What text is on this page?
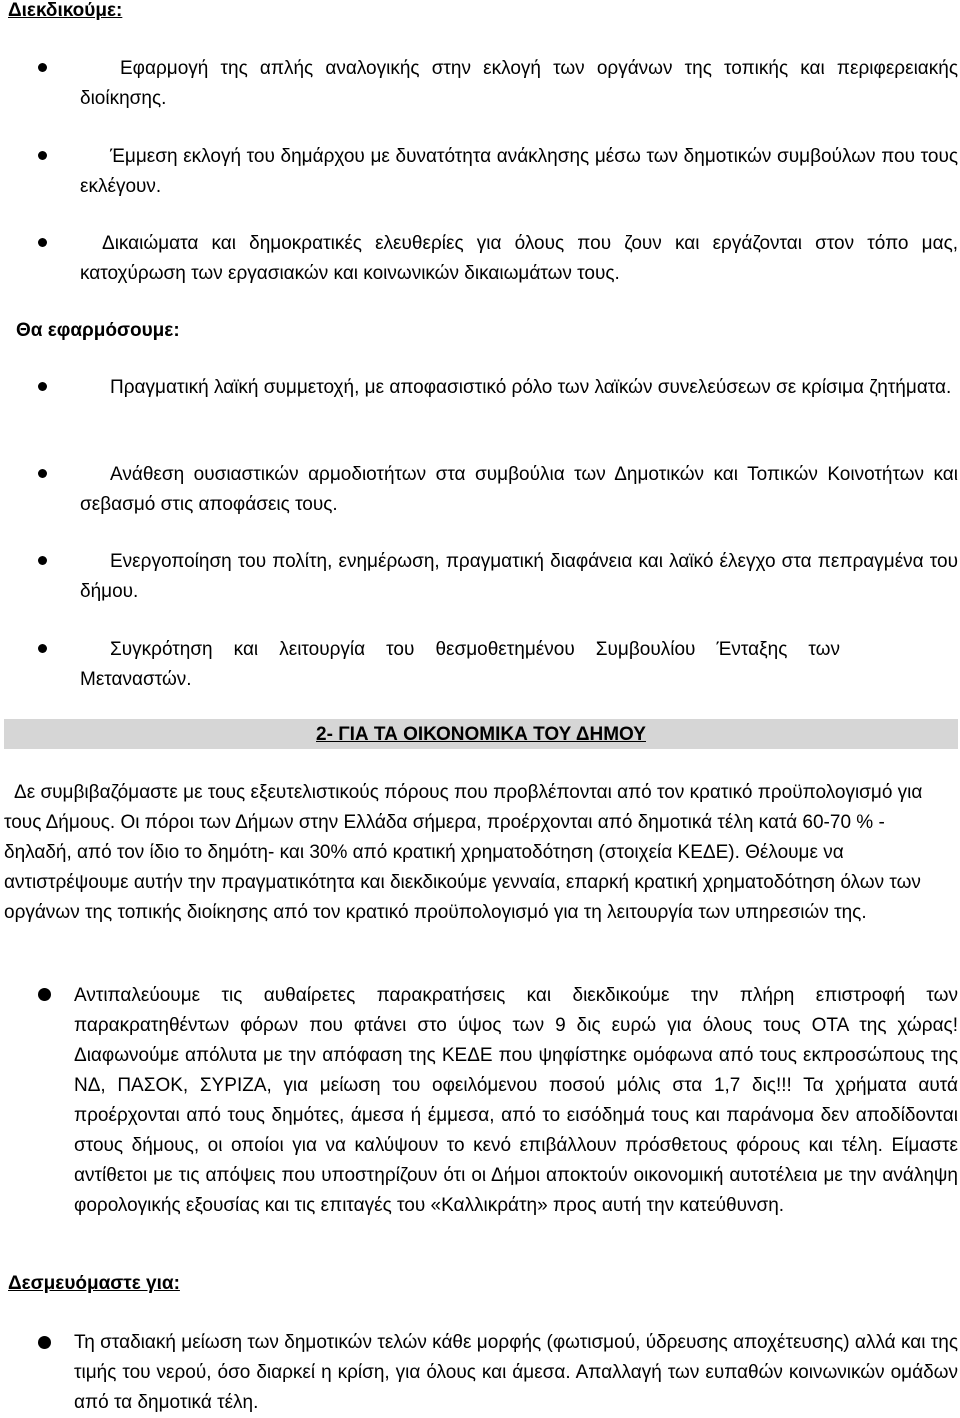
Διεκδικούμε:
Εφαρμογή της απλής αναλογικής στην εκλογή των οργάνων της τοπικής και περιφερειακής διοίκησης.
Έμμεση εκλογή του δημάρχου με δυνατότητα ανάκλησης μέσω των δημοτικών συμβούλων που τους εκλέγουν.
Δικαιώματα και δημοκρατικές ελευθερίες για όλους που ζουν και εργάζονται στον τόπο μας, κατοχύρωση των εργασιακών και κοινωνικών δικαιωμάτων τους.
Θα εφαρμόσουμε:
Πραγματική λαϊκή συμμετοχή, με αποφασιστικό ρόλο των λαϊκών συνελεύσεων σε κρίσιμα ζητήματα.
Ανάθεση ουσιαστικών αρμοδιοτήτων στα συμβούλια των Δημοτικών και Τοπικών Κοινοτήτων και σεβασμό στις αποφάσεις τους.
Ενεργοποίηση του πολίτη, ενημέρωση, πραγματική διαφάνεια και λαϊκό έλεγχο στα πεπραγμένα του δήμου.
Συγκρότηση και λειτουργία του θεσμοθετημένου Συμβουλίου Ένταξης των Μεταναστών.
2- ΓΙΑ ΤΑ ΟΙΚΟΝΟΜΙΚΑ ΤΟΥ ΔΗΜΟΥ
Δε συμβιβαζόμαστε με τους εξευτελιστικούς πόρους που προβλέπονται από τον κρατικό προϋπολογισμό για τους Δήμους. Οι πόροι των Δήμων στην Ελλάδα σήμερα, προέρχονται από δημοτικά τέλη κατά 60-70 % - δηλαδή, από τον ίδιο το δημότη- και 30% από κρατική χρηματοδότηση (στοιχεία ΚΕΔΕ). Θέλουμε να αντιστρέψουμε αυτήν την πραγματικότητα και διεκδικούμε γενναία, επαρκή κρατική χρηματοδότηση όλων των οργάνων της τοπικής διοίκησης από τον κρατικό προϋπολογισμό για τη λειτουργία των υπηρεσιών της.
Αντιπαλεύουμε τις αυθαίρετες παρακρατήσεις και διεκδικούμε την πλήρη επιστροφή των παρακρατηθέντων φόρων που φτάνει στο ύψος των 9 δις ευρώ για όλους τους ΟΤΑ της χώρας! Διαφωνούμε απόλυτα με την απόφαση της ΚΕΔΕ που ψηφίστηκε ομόφωνα από τους εκπροσώπους της ΝΔ, ΠΑΣΟΚ, ΣΥΡΙΖΑ, για μείωση του οφειλόμενου ποσού μόλις στα 1,7 δις!!! Τα χρήματα αυτά προέρχονται από τους δημότες, άμεσα ή έμμεσα, από το εισόδημά τους και παράνομα δεν αποδίδονται στους δήμους, οι οποίοι για να καλύψουν το κενό επιβάλλουν πρόσθετους φόρους και τέλη. Είμαστε αντίθετοι με τις απόψεις που υποστηρίζουν ότι οι Δήμοι αποκτούν οικονομική αυτοτέλεια με την ανάληψη φορολογικής εξουσίας και τις επιταγές του «Καλλικράτη» προς αυτή την κατεύθυνση.
Δεσμευόμαστε για:
Τη σταδιακή μείωση των δημοτικών τελών κάθε μορφής (φωτισμού, ύδρευσης αποχέτευσης) αλλά και της τιμής του νερού, όσο διαρκεί η κρίση, για όλους και άμεσα. Απαλλαγή των ευπαθών κοινωνικών ομάδων από τα δημοτικά τέλη.
